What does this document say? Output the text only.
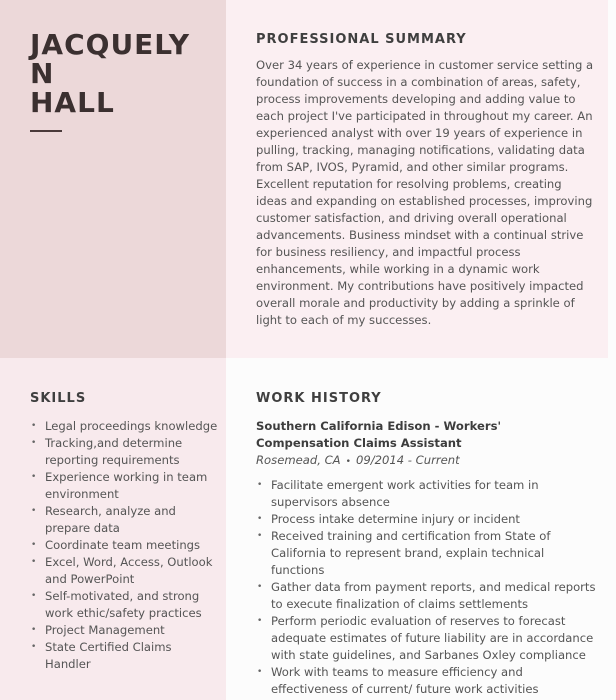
JACQUELY
N
HALL
PROFESSIONAL SUMMARY

Over 34 years of experience in customer service setting a foundation of success in a combination of areas, safety, process improvements developing and adding value to each project I've participated in throughout my career. An experienced analyst with over 19 years of experience in pulling, tracking, managing notifications, validating data from SAP, IVOS, Pyramid, and other similar programs. Excellent reputation for resolving problems, creating ideas and expanding on established processes, improving customer satisfaction, and driving overall operational advancements. Business mindset with a continual strive for business resiliency, and impactful process enhancements, while working in a dynamic work environment. My contributions have positively impacted overall morale and productivity by adding a sprinkle of light to each of my successes.

SKILLS
• Legal proceedings knowledge
• Tracking,and determine reporting requirements
• Experience working in team environment
• Research, analyze and prepare data
• Coordinate team meetings
• Excel, Word, Access, Outlook and PowerPoint
• Self-motivated, and strong work ethic/safety practices
• Project Management
• State Certified Claims Handler
WORK HISTORY
Southern California Edison - Workers' Compensation Claims Assistant
Rosemead, CA • 09/2014 - Current
• Facilitate emergent work activities for team in supervisors absence
• Process intake determine injury or incident
• Received training and certification from State of California to represent brand, explain technical functions
• Gather data from payment reports, and medical reports to execute finalization of claims settlements
• Perform periodic evaluation of reserves to forecast adequate estimates of future liability are in accordance with state guidelines, and Sarbanes Oxley compliance
• Work with teams to measure efficiency and effectiveness of current/ future work activities
